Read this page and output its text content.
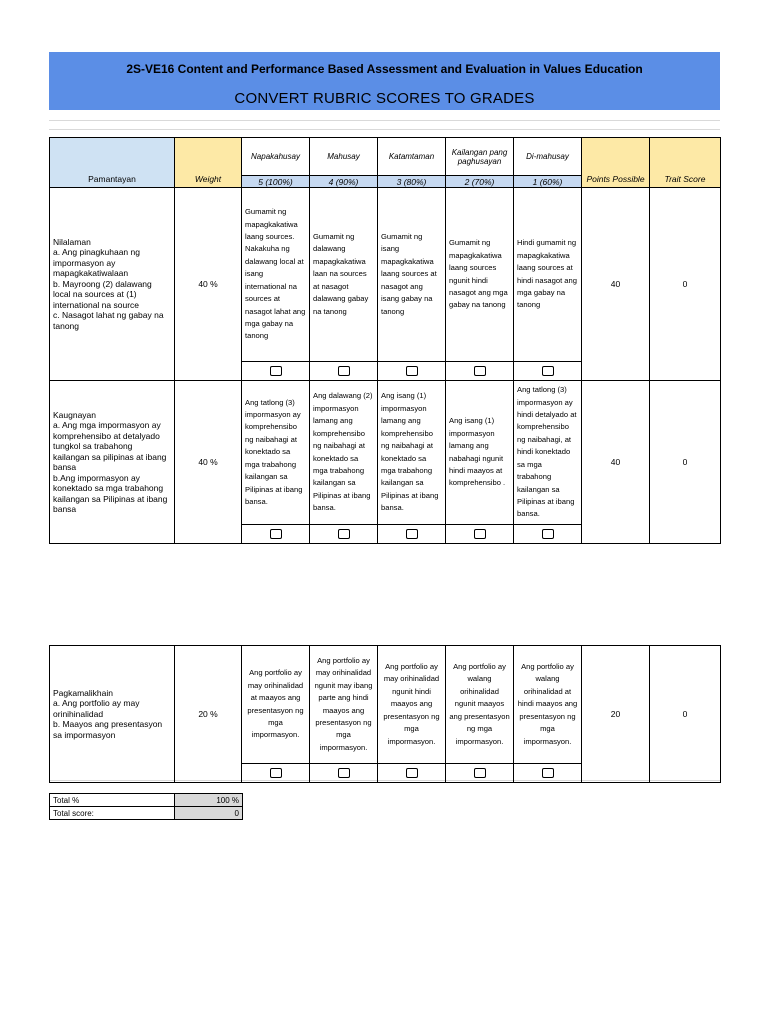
2S-VE16 Content and Performance Based Assessment and Evaluation in Values Education
CONVERT RUBRIC SCORES TO GRADES
Pamantayan	Weight	Napakahusay	Mahusay	Katamtaman	Kailangan pang paghusayan	Di-mahusay	Points Possible	Trait Score
		5 (100%)	4 (90%)	3 (80%)	2 (70%)	1 (60%)		
Nilalaman
a. Ang pinagkuhaan ng impormasyon ay mapagkakatiwalaan
b. Mayroong (2) dalawang local na sources at (1) international na source
c. Nasagot lahat ng gabay na tanong	40 %	Gumamit ng mapagkakatiwa laang sources. Nakakuha ng dalawang local at isang international na sources at nasagot lahat ang mga gabay na tanong	Gumamit ng dalawang mapagkakatiwa laan na sources at nasagot dalawang gabay na tanong	Gumamit ng isang mapagkakatiwa laang sources at nasagot ang isang gabay na tanong	Gumamit ng mapagkakatiwa laang sources ngunit hindi nasagot ang mga gabay na tanong	Hindi gumamit ng mapagkakatiwa laang sources at hindi nasagot ang mga gabay na tanong	40	0

Kaugnayan
a. Ang mga impormasyon ay komprehensibo at detalyado tungkol sa trabahong kailangan sa pilipinas at ibang bansa
b.Ang impormasyon ay konektado sa mga trabahong kailangan sa Pilipinas at ibang bansa	40 %	Ang tatlong (3) impormasyon ay komprehensibo ng naibahagi at konektado sa mga trabahong kailangan sa Pilipinas at ibang bansa.	Ang dalawang (2) impormasyon lamang ang komprehensibo ng naibahagi at konektado sa mga trabahong kailangan sa Pilipinas at ibang bansa.	Ang isang (1) impormasyon lamang ang komprehensibo ng naibahagi at konektado sa mga trabahong kailangan sa Pilipinas at ibang bansa.	Ang isang (1) impormasyon lamang ang nabahagi ngunit hindi maayos at komprehensibo .	Ang tatlong (3) impormasyon ay hindi detalyado at komprehensibo ng naibahagi, at hindi konektado sa mga trabahong kailangan sa Pilipinas at ibang bansa.	40	0

Pagkamalikhain
a. Ang portfolio ay may orinihinalidad
b. Maayos ang presentasyon sa impormasyon	20 %	Ang portfolio ay may orihinalidad at maayos ang presentasyon ng mga impormasyon.	Ang portfolio ay may orihinalidad ngunit may ibang parte ang hindi maayos ang presentasyon ng mga impormasyon.	Ang portfolio ay may orihinalidad ngunit hindi maayos ang presentasyon ng mga impormasyon.	Ang portfolio ay walang orihinalidad ngunit maayos ang presentasyon ng mga impormasyon.	Ang portfolio ay walang orihinalidad at hindi maayos ang presentasyon ng mga impormasyon.	20	0

Total %	100 %
Total score:	0
